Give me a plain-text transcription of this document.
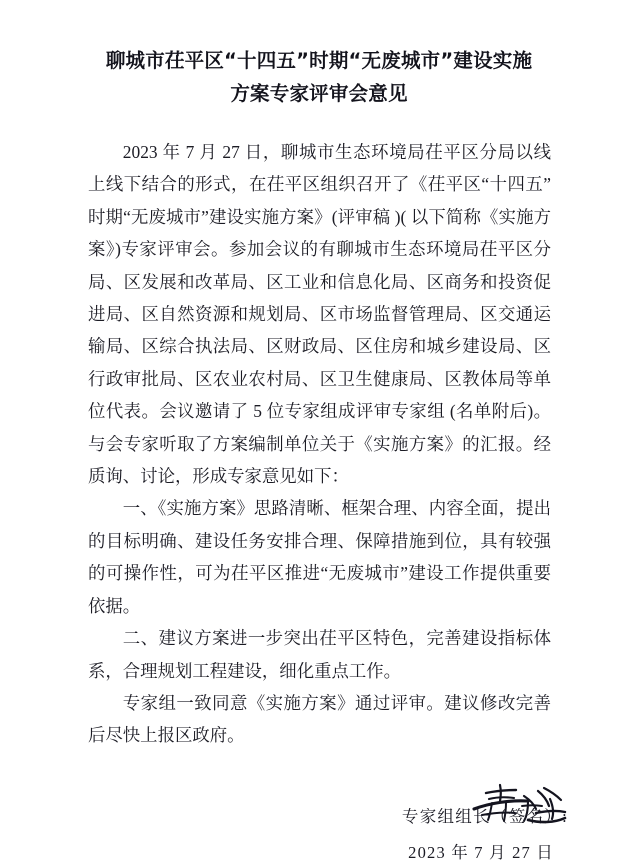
聊城市茌平区“十四五”时期“无废城市”建设实施
方案专家评审会意见

2023 年 7 月 27 日，聊城市生态环境局茌平区分局以线上线下结合的形式，在茌平区组织召开了《茌平区“十四五”时期“无废城市”建设实施方案》(评审稿 )( 以下简称《实施方案》)专家评审会。参加会议的有聊城市生态环境局茌平区分局、区发展和改革局、区工业和信息化局、区商务和投资促进局、区自然资源和规划局、区市场监督管理局、区交通运输局、区综合执法局、区财政局、区住房和城乡建设局、区行政审批局、区农业农村局、区卫生健康局、区教体局等单位代表。会议邀请了 5 位专家组成评审专家组 (名单附后)。与会专家听取了方案编制单位关于《实施方案》的汇报。经质询、讨论，形成专家意见如下：

一、《实施方案》思路清晰、框架合理、内容全面，提出的目标明确、建设任务安排合理、保障措施到位，具有较强的可操作性，可为茌平区推进“无废城市”建设工作提供重要依据。

二、建议方案进一步突出茌平区特色，完善建设指标体系，合理规划工程建设，细化重点工作。

专家组一致同意《实施方案》通过评审。建议修改完善后尽快上报区政府。

专家组组长（签名）:
2023 年 7 月 27 日
